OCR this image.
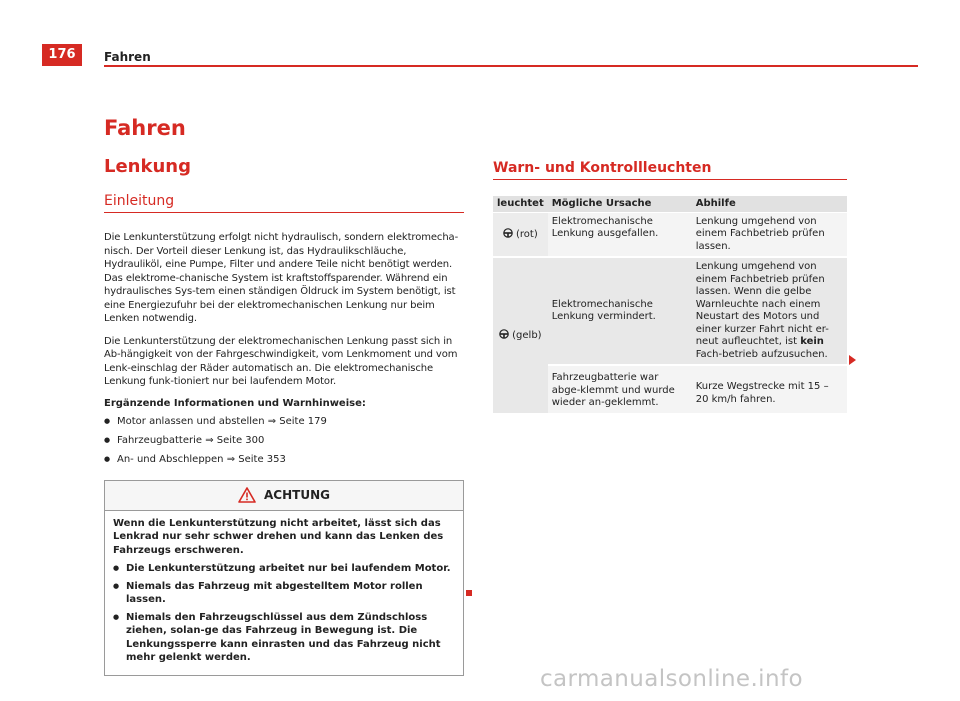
176	Fahren
Fahren
Lenkung
Einleitung

Die Lenkunterstützung erfolgt nicht hydraulisch, sondern elektromecha-nisch. Der Vorteil dieser Lenkung ist, das Hydraulikschläuche, Hydrauliköl, eine Pumpe, Filter und andere Teile nicht benötigt werden. Das elektrome-chanische System ist kraftstoffsparender. Während ein hydraulisches Sys-tem einen ständigen Öldruck im System benötigt, ist eine Energiezufuhr bei der elektromechanischen Lenkung nur beim Lenken notwendig.

Die Lenkunterstützung der elektromechanischen Lenkung passt sich in Ab-hängigkeit von der Fahrgeschwindigkeit, vom Lenkmoment und vom Lenk-einschlag der Räder automatisch an. Die elektromechanische Lenkung funk-tioniert nur bei laufendem Motor.

Ergänzende Informationen und Warnhinweise:

● Motor anlassen und abstellen ⇒ Seite 179
● Fahrzeugbatterie ⇒ Seite 300
● An- und Abschleppen ⇒ Seite 353
ACHTUNG

Wenn die Lenkunterstützung nicht arbeitet, lässt sich das Lenkrad nur sehr schwer drehen und kann das Lenken des Fahrzeugs erschweren.

● Die Lenkunterstützung arbeitet nur bei laufendem Motor.

● Niemals das Fahrzeug mit abgestelltem Motor rollen lassen.

● Niemals den Fahrzeugschlüssel aus dem Zündschloss ziehen, solan-ge das Fahrzeug in Bewegung ist. Die Lenkungssperre kann einrasten und das Fahrzeug nicht mehr gelenkt werden.

Warn- und Kontrollleuchten
leuchtet	Mögliche Ursache	Abhilfe
(rot)	Elektromechanische Lenkung ausgefallen.	Lenkung umgehend von einem Fachbetrieb prüfen lassen.
(gelb)	Elektromechanische Lenkung vermindert.	Lenkung umgehend von einem Fachbetrieb prüfen lassen. Wenn die gelbe Warnleuchte nach einem Neustart des Motors und einer kurzer Fahrt nicht er-neut aufleuchtet, ist kein Fach-betrieb aufzusuchen.
	Fahrzeugbatterie war abge-klemmt und wurde wieder an-geklemmt.	Kurze Wegstrecke mit 15 – 20 km/h fahren.
carmanualsonline.info
